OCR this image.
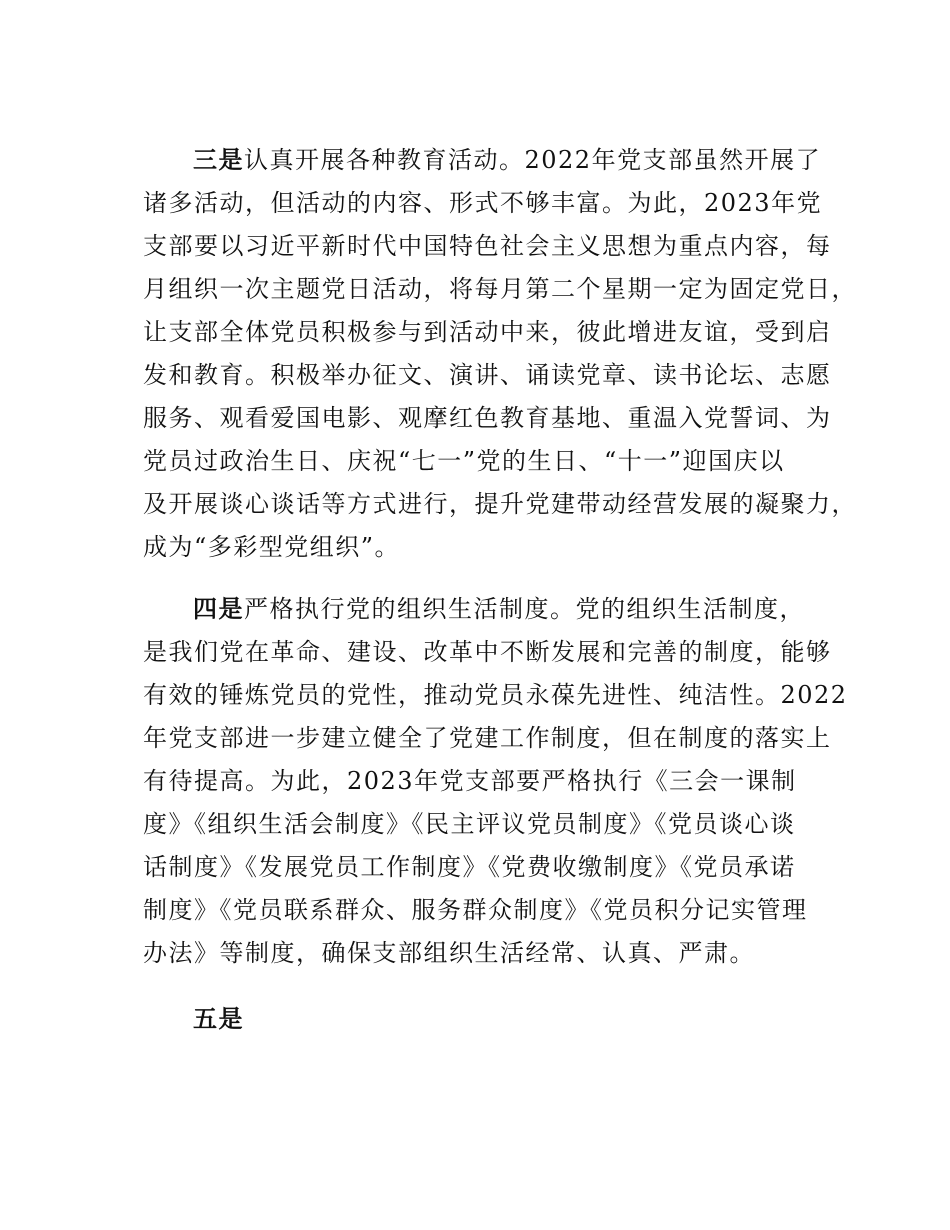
三是认真开展各种教育活动。2022年党支部虽然开展了
诸多活动，但活动的内容、形式不够丰富。为此，2023年党
支部要以习近平新时代中国特色社会主义思想为重点内容，每
月组织一次主题党日活动，将每月第二个星期一定为固定党日，
让支部全体党员积极参与到活动中来，彼此增进友谊，受到启
发和教育。积极举办征文、演讲、诵读党章、读书论坛、志愿
服务、观看爱国电影、观摩红色教育基地、重温入党誓词、为
党员过政治生日、庆祝“七一”党的生日、“十一”迎国庆以
及开展谈心谈话等方式进行，提升党建带动经营发展的凝聚力，
成为“多彩型党组织”。
四是严格执行党的组织生活制度。党的组织生活制度，
是我们党在革命、建设、改革中不断发展和完善的制度，能够
有效的锤炼党员的党性，推动党员永葆先进性、纯洁性。2022
年党支部进一步建立健全了党建工作制度，但在制度的落实上
有待提高。为此，2023年党支部要严格执行《三会一课制
度》《组织生活会制度》《民主评议党员制度》《党员谈心谈
话制度》《发展党员工作制度》《党费收缴制度》《党员承诺
制度》《党员联系群众、服务群众制度》《党员积分记实管理
办法》等制度，确保支部组织生活经常、认真、严肃。
五是
